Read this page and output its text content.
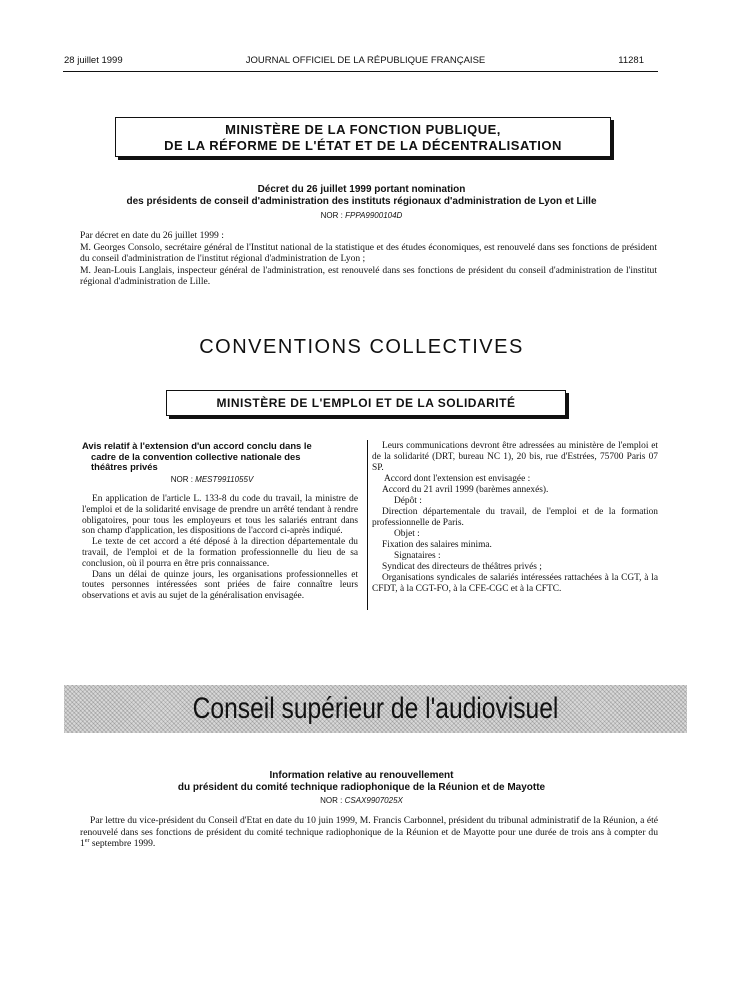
28 juillet 1999	JOURNAL OFFICIEL DE LA RÉPUBLIQUE FRANÇAISE	11281
MINISTÈRE DE LA FONCTION PUBLIQUE,
DE LA RÉFORME DE L'ÉTAT ET DE LA DÉCENTRALISATION
Décret du 26 juillet 1999 portant nomination
des présidents de conseil d'administration des instituts régionaux d'administration de Lyon et Lille
NOR : FPPA9900104D

Par décret en date du 26 juillet 1999 :

M. Georges Consolo, secrétaire général de l'Institut national de la statistique et des études économiques, est renouvelé dans ses fonctions de président du conseil d'administration de l'institut régional d'administration de Lyon ;

M. Jean-Louis Langlais, inspecteur général de l'administration, est renouvelé dans ses fonctions de président du conseil d'administration de l'institut régional d'administration de Lille.

CONVENTIONS COLLECTIVES
MINISTÈRE DE L'EMPLOI ET DE LA SOLIDARITÉ
Avis relatif à l'extension d'un accord conclu dans le
cadre de la convention collective nationale des
théâtres privés
NOR : MEST9911055V

En application de l'article L. 133-8 du code du travail, la ministre de l'emploi et de la solidarité envisage de prendre un arrêté tendant à rendre obligatoires, pour tous les employeurs et tous les salariés entrant dans son champ d'application, les dispositions de l'accord ci-après indiqué.

Le texte de cet accord a été déposé à la direction départementale du travail, de l'emploi et de la formation professionnelle du lieu de sa conclusion, où il pourra en être pris connaissance.

Dans un délai de quinze jours, les organisations professionnelles et toutes personnes intéressées sont priées de faire connaître leurs observations et avis au sujet de la généralisation envisagée.

Leurs communications devront être adressées au ministère de l'emploi et de la solidarité (DRT, bureau NC 1), 20 bis, rue d'Estrées, 75700 Paris 07 SP.

Accord dont l'extension est envisagée :

Accord du 21 avril 1999 (barèmes annexés).

Dépôt :

Direction départementale du travail, de l'emploi et de la formation professionnelle de Paris.

Objet :

Fixation des salaires minima.

Signataires :

Syndicat des directeurs de théâtres privés ;

Organisations syndicales de salariés intéressées rattachées à la CGT, à la CFDT, à la CGT-FO, à la CFE-CGC et à la CFTC.

Conseil supérieur de l'audiovisuel
Information relative au renouvellement
du président du comité technique radiophonique de la Réunion et de Mayotte
NOR : CSAX9907025X

Par lettre du vice-président du Conseil d'Etat en date du 10 juin 1999, M. Francis Carbonnel, président du tribunal administratif de la Réunion, a été renouvelé dans ses fonctions de président du comité technique radiophonique de la Réunion et de Mayotte pour une durée de trois ans à compter du 1er septembre 1999.
